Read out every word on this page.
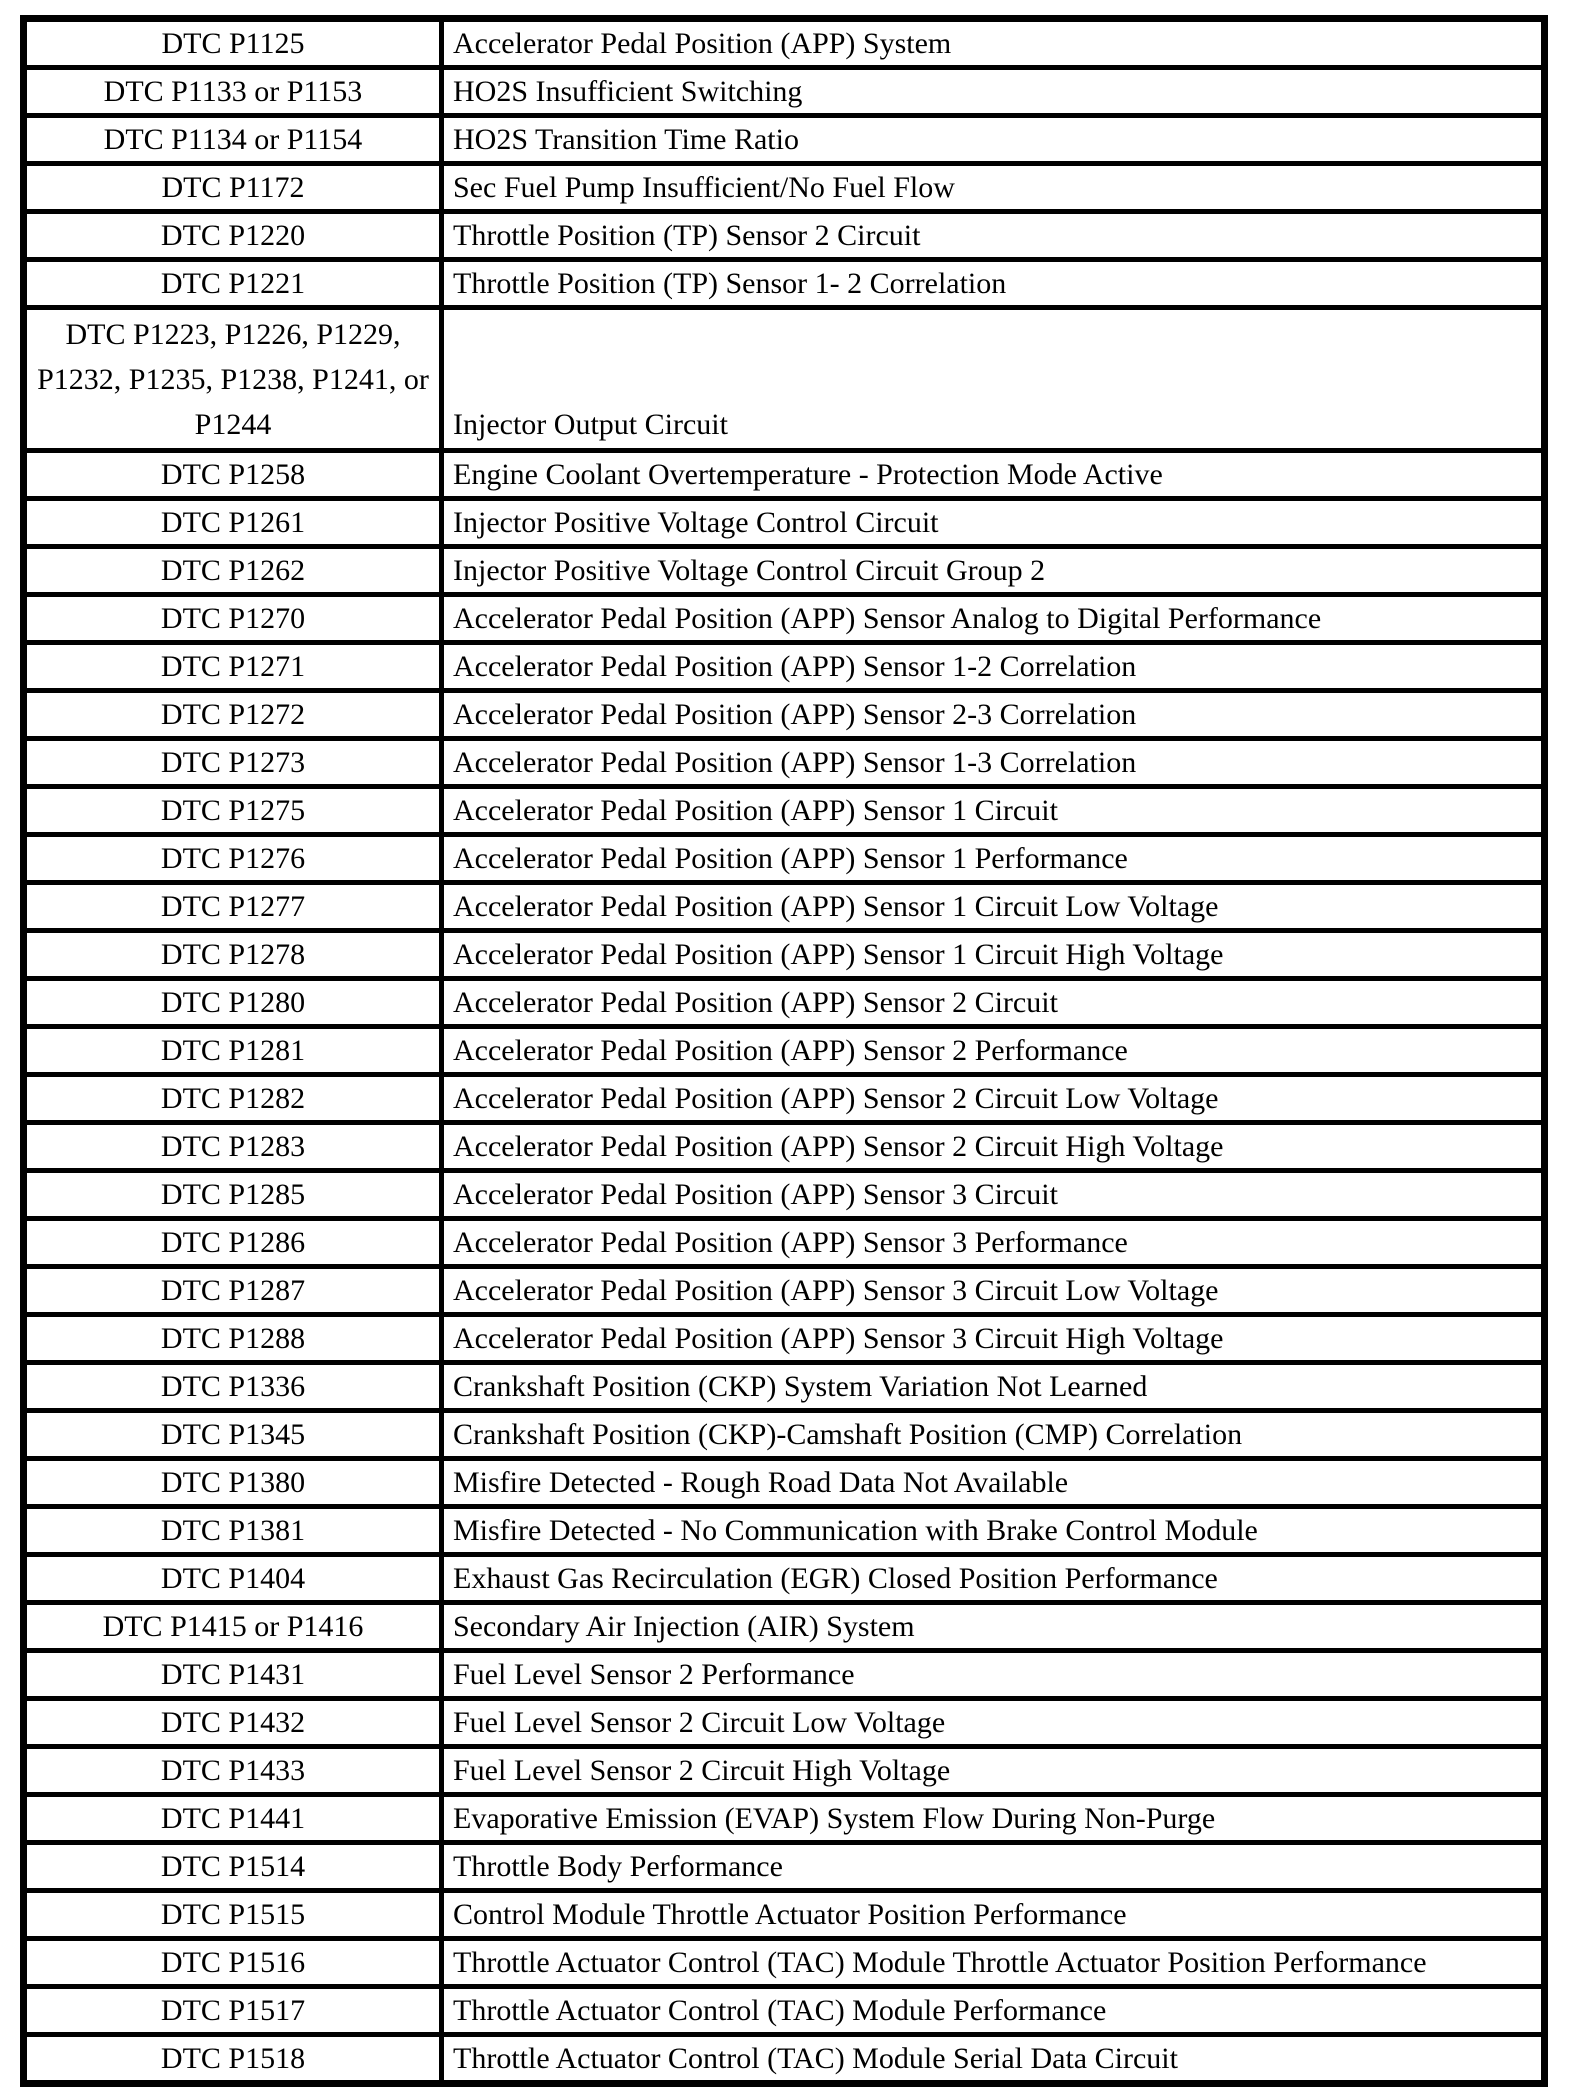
DTC P1125	Accelerator Pedal Position (APP) System
DTC P1133 or P1153	HO2S Insufficient Switching
DTC P1134 or P1154	HO2S Transition Time Ratio
DTC P1172	Sec Fuel Pump Insufficient/No Fuel Flow
DTC P1220	Throttle Position (TP) Sensor 2 Circuit
DTC P1221	Throttle Position (TP) Sensor 1- 2 Correlation
DTC P1223, P1226, P1229, P1232, P1235, P1238, P1241, or P1244	Injector Output Circuit
DTC P1258	Engine Coolant Overtemperature - Protection Mode Active
DTC P1261	Injector Positive Voltage Control Circuit
DTC P1262	Injector Positive Voltage Control Circuit Group 2
DTC P1270	Accelerator Pedal Position (APP) Sensor Analog to Digital Performance
DTC P1271	Accelerator Pedal Position (APP) Sensor 1-2 Correlation
DTC P1272	Accelerator Pedal Position (APP) Sensor 2-3 Correlation
DTC P1273	Accelerator Pedal Position (APP) Sensor 1-3 Correlation
DTC P1275	Accelerator Pedal Position (APP) Sensor 1 Circuit
DTC P1276	Accelerator Pedal Position (APP) Sensor 1 Performance
DTC P1277	Accelerator Pedal Position (APP) Sensor 1 Circuit Low Voltage
DTC P1278	Accelerator Pedal Position (APP) Sensor 1 Circuit High Voltage
DTC P1280	Accelerator Pedal Position (APP) Sensor 2 Circuit
DTC P1281	Accelerator Pedal Position (APP) Sensor 2 Performance
DTC P1282	Accelerator Pedal Position (APP) Sensor 2 Circuit Low Voltage
DTC P1283	Accelerator Pedal Position (APP) Sensor 2 Circuit High Voltage
DTC P1285	Accelerator Pedal Position (APP) Sensor 3 Circuit
DTC P1286	Accelerator Pedal Position (APP) Sensor 3 Performance
DTC P1287	Accelerator Pedal Position (APP) Sensor 3 Circuit Low Voltage
DTC P1288	Accelerator Pedal Position (APP) Sensor 3 Circuit High Voltage
DTC P1336	Crankshaft Position (CKP) System Variation Not Learned
DTC P1345	Crankshaft Position (CKP)-Camshaft Position (CMP) Correlation
DTC P1380	Misfire Detected - Rough Road Data Not Available
DTC P1381	Misfire Detected - No Communication with Brake Control Module
DTC P1404	Exhaust Gas Recirculation (EGR) Closed Position Performance
DTC P1415 or P1416	Secondary Air Injection (AIR) System
DTC P1431	Fuel Level Sensor 2 Performance
DTC P1432	Fuel Level Sensor 2 Circuit Low Voltage
DTC P1433	Fuel Level Sensor 2 Circuit High Voltage
DTC P1441	Evaporative Emission (EVAP) System Flow During Non-Purge
DTC P1514	Throttle Body Performance
DTC P1515	Control Module Throttle Actuator Position Performance
DTC P1516	Throttle Actuator Control (TAC) Module Throttle Actuator Position Performance
DTC P1517	Throttle Actuator Control (TAC) Module Performance
DTC P1518	Throttle Actuator Control (TAC) Module Serial Data Circuit
